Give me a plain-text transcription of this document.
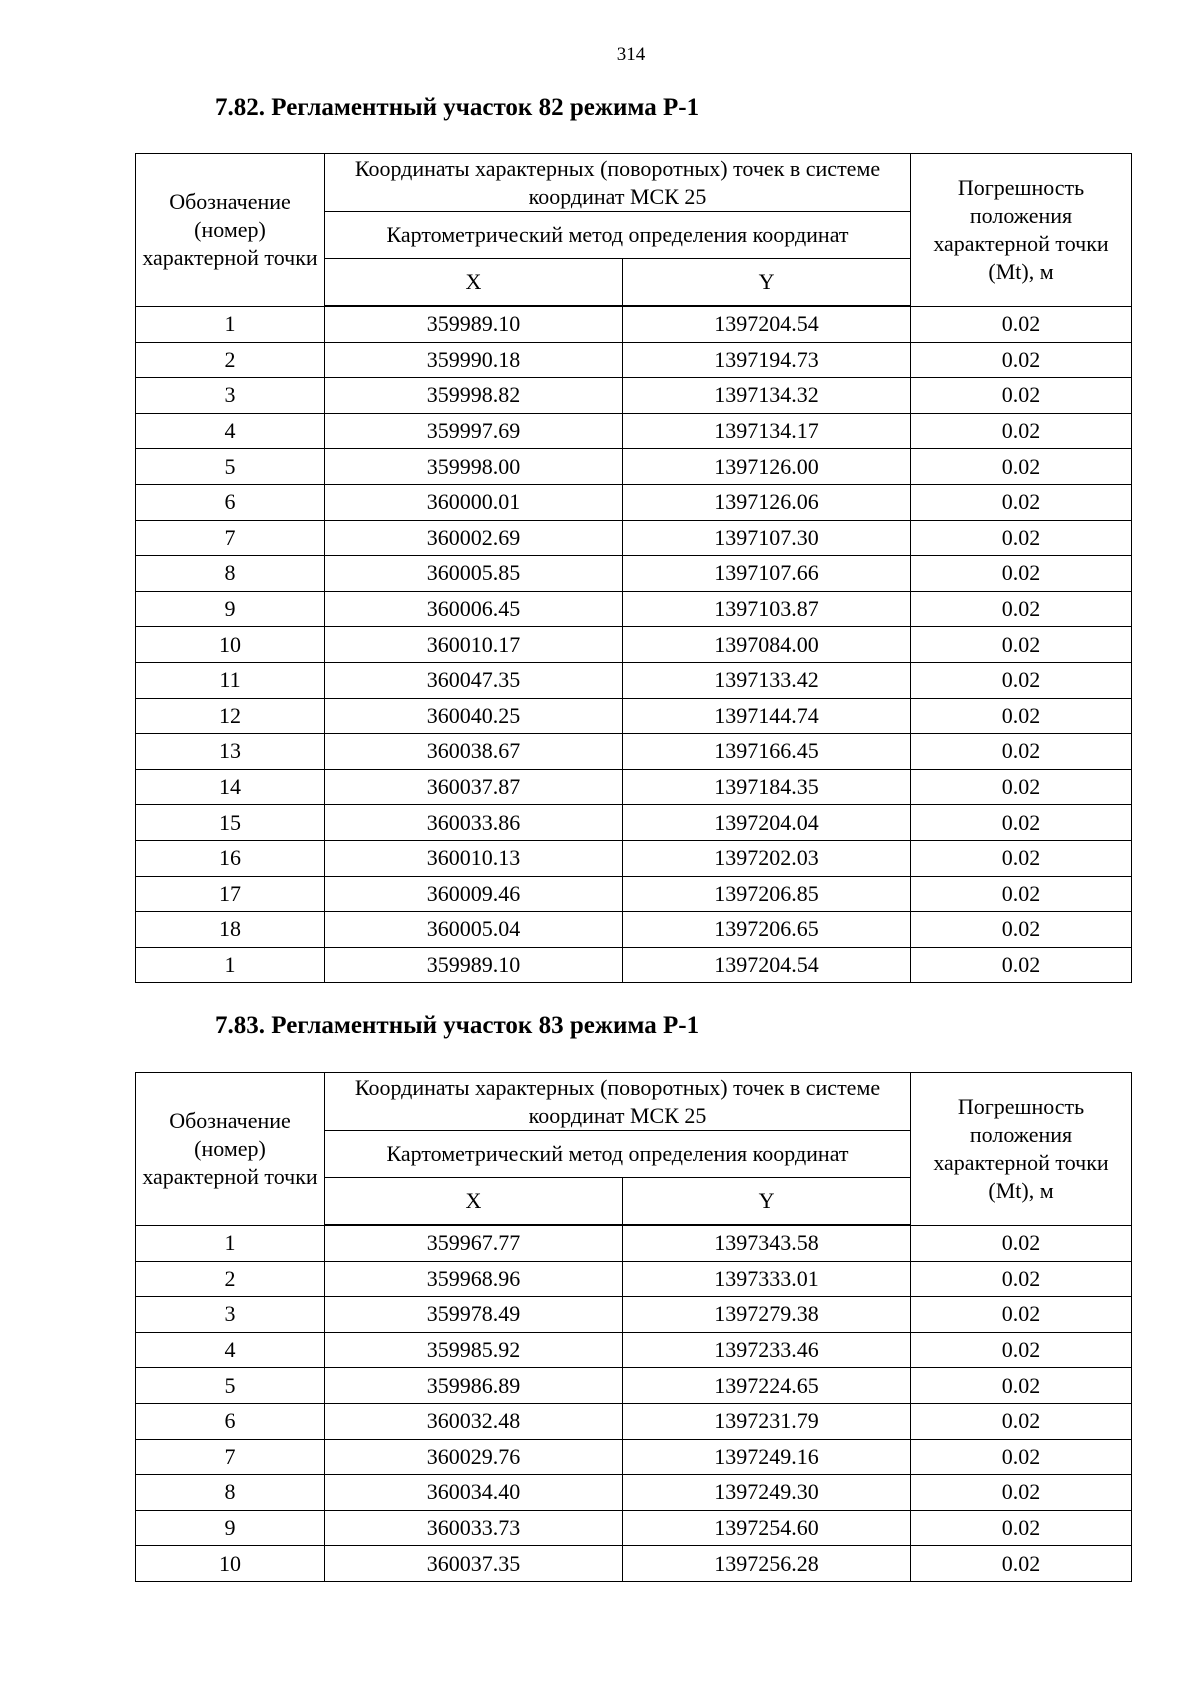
314
7.82. Регламентный участок 82 режима Р-1
Обозначение (номер) характерной точки	Координаты характерных (поворотных) точек в системе координат МСК 25		Погрешность положения характерной точки (Mt), м
	Картометрический метод определения координат		
	X	Y	
1	359989.10	1397204.54	0.02
2	359990.18	1397194.73	0.02
3	359998.82	1397134.32	0.02
4	359997.69	1397134.17	0.02
5	359998.00	1397126.00	0.02
6	360000.01	1397126.06	0.02
7	360002.69	1397107.30	0.02
8	360005.85	1397107.66	0.02
9	360006.45	1397103.87	0.02
10	360010.17	1397084.00	0.02
11	360047.35	1397133.42	0.02
12	360040.25	1397144.74	0.02
13	360038.67	1397166.45	0.02
14	360037.87	1397184.35	0.02
15	360033.86	1397204.04	0.02
16	360010.13	1397202.03	0.02
17	360009.46	1397206.85	0.02
18	360005.04	1397206.65	0.02
1	359989.10	1397204.54	0.02
7.83. Регламентный участок 83 режима Р-1
Обозначение (номер) характерной точки	Координаты характерных (поворотных) точек в системе координат МСК 25		Погрешность положения характерной точки (Mt), м
	Картометрический метод определения координат		
	X	Y	
1	359967.77	1397343.58	0.02
2	359968.96	1397333.01	0.02
3	359978.49	1397279.38	0.02
4	359985.92	1397233.46	0.02
5	359986.89	1397224.65	0.02
6	360032.48	1397231.79	0.02
7	360029.76	1397249.16	0.02
8	360034.40	1397249.30	0.02
9	360033.73	1397254.60	0.02
10	360037.35	1397256.28	0.02
